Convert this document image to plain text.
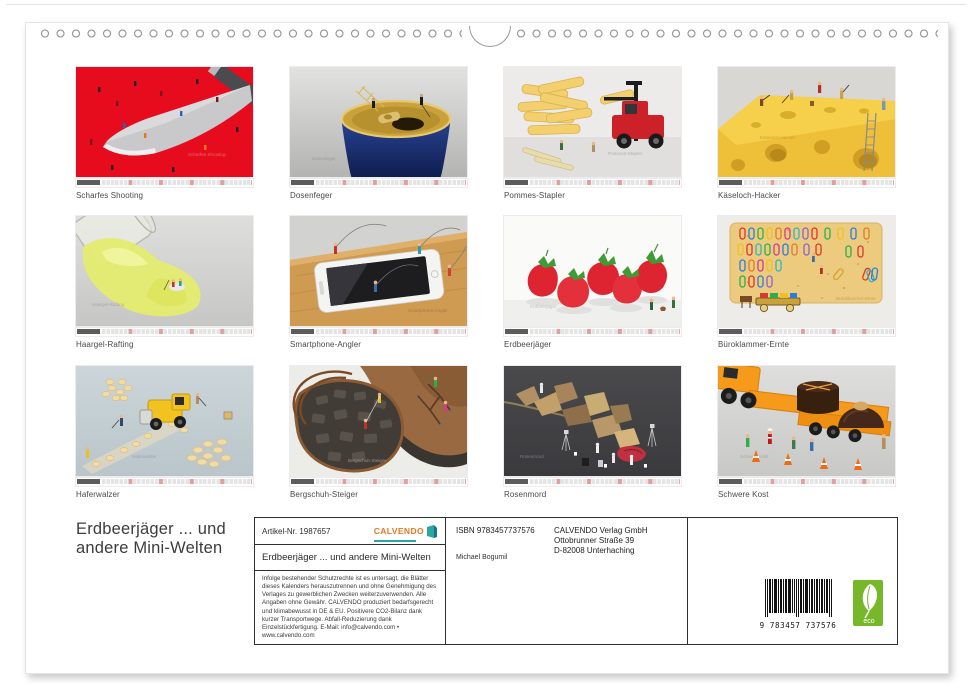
Scharfes Shooting
Scharfes Shooting
Dosenfeger
Dosenfeger
Pommes-Stapler
Pommes-Stapler
Käseloch-Hacker
Käseloch-Hacker
Haargel-Rafting
Haargel-Rafting
Smartphone-Angler
Smartphone-Angler
Erdbeerjäger
Erdbeerjäger
Büroklammer-Ernte
Büroklammer-Ernte
Haferwalzer
Haferwalzer
Bergschuh-Steiger
Bergschuh-Steiger
Rosenmord
Rosenmord
Schwere Kost
Schwere Kost
Erdbeerjäger ... und
andere Mini-Welten
Artikel-Nr. 1987657	CALVENDO
Erdbeerjäger ... und andere Mini-Welten
Infolge bestehender Schutzrechte ist es untersagt, die Blätter dieses Kalenders herauszutrennen und ohne Genehmigung des Verlages zu gewerblichen Zwecken weiterzuverwenden. Alle Angaben ohne Gewähr. CALVENDO produziert bedarfsgerecht und klimabewusst in DE & EU. Positivere CO2-Bilanz dank kurzer Transportwege. Abfall-Reduzierung dank Einzelstückfertigung. E-Mail: info@calvendo.com • www.calvendo.com
ISBN 9783457737576	CALVENDO Verlag GmbH
Ottobrunner Straße 39
D-82008 Unterhaching
Michael Bogumil
9 783457 737576	eco
